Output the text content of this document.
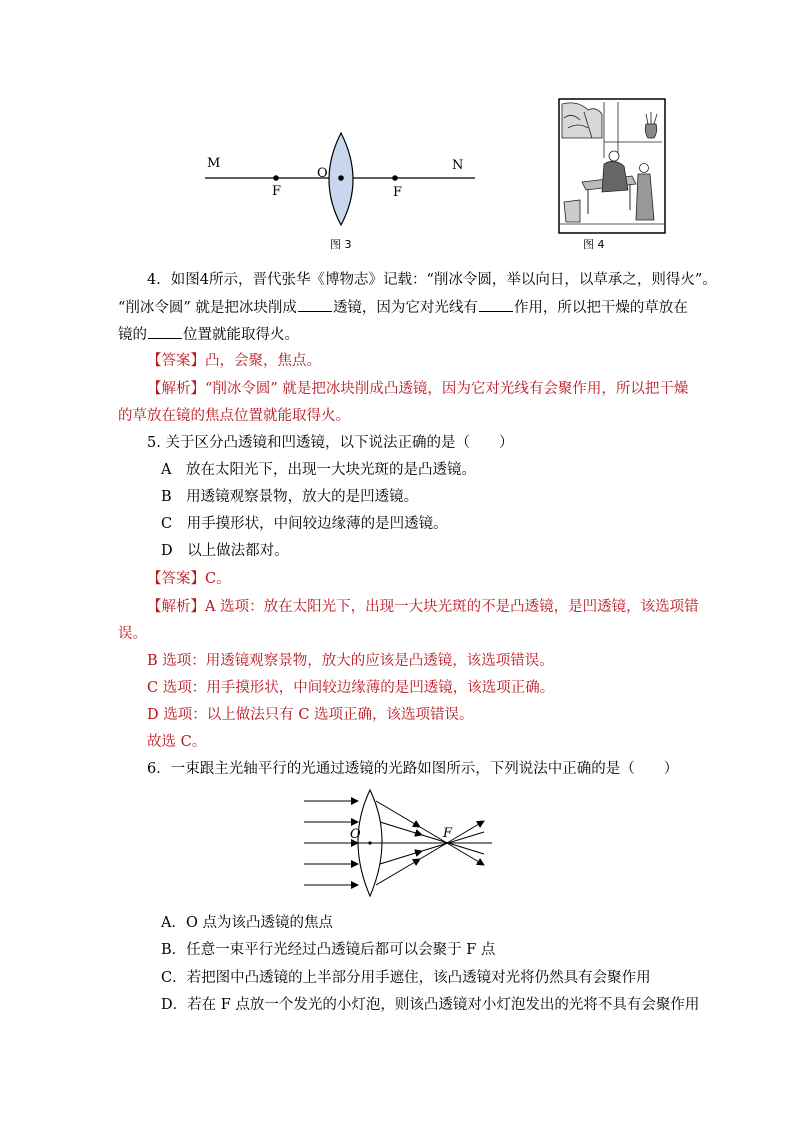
M	N
O
F	F
图 3	图 4
4．如图4所示，晋代张华《博物志》记载：“削冰令圆，举以向日，以草承之，则得火”。
“削冰令圆” 就是把冰块削成 透镜，因为它对光线有 作用，所以把干燥的草放在
镜的 位置就能取得火。
【答案】凸，会聚，焦点。
【解析】“削冰令圆” 就是把冰块削成凸透镜，因为它对光线有会聚作用，所以把干燥
的草放在镜的焦点位置就能取得火。
5. 关于区分凸透镜和凹透镜，以下说法正确的是（　　）
A　放在太阳光下，出现一大块光斑的是凸透镜。
B　用透镜观察景物，放大的是凹透镜。
C　用手摸形状，中间较边缘薄的是凹透镜。
D　以上做法都对。
【答案】C。
【解析】A 选项：放在太阳光下，出现一大块光斑的不是凸透镜，是凹透镜，该选项错
误。
B 选项：用透镜观察景物，放大的应该是凸透镜，该选项错误。
C 选项：用手摸形状，中间较边缘薄的是凹透镜，该选项正确。
D 选项：以上做法只有 C 选项正确，该选项错误。
故选 C。
6．一束跟主光轴平行的光通过透镜的光路如图所示，下列说法中正确的是（　　）
O	F
A．O 点为该凸透镜的焦点
B．任意一束平行光经过凸透镜后都可以会聚于 F 点
C．若把图中凸透镜的上半部分用手遮住，该凸透镜对光将仍然具有会聚作用
D．若在 F 点放一个发光的小灯泡，则该凸透镜对小灯泡发出的光将不具有会聚作用
